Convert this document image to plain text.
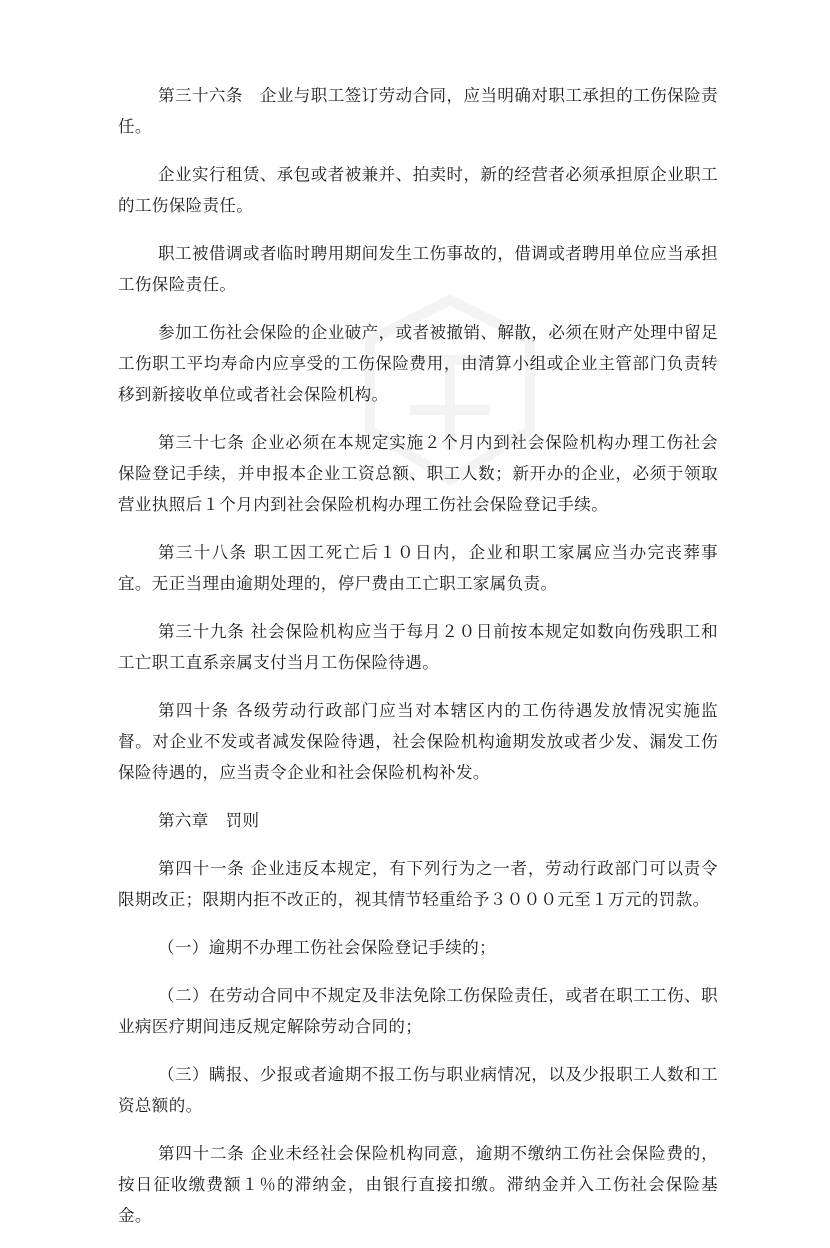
第三十六条　企业与职工签订劳动合同，应当明确对职工承担的工伤保险责任。

企业实行租赁、承包或者被兼并、拍卖时，新的经营者必须承担原企业职工的工伤保险责任。

职工被借调或者临时聘用期间发生工伤事故的，借调或者聘用单位应当承担工伤保险责任。

参加工伤社会保险的企业破产，或者被撤销、解散，必须在财产处理中留足工伤职工平均寿命内应享受的工伤保险费用，由清算小组或企业主管部门负责转移到新接收单位或者社会保险机构。

第三十七条 企业必须在本规定实施２个月内到社会保险机构办理工伤社会保险登记手续，并申报本企业工资总额、职工人数；新开办的企业，必须于领取营业执照后１个月内到社会保险机构办理工伤社会保险登记手续。

第三十八条 职工因工死亡后１０日内，企业和职工家属应当办完丧葬事宜。无正当理由逾期处理的，停尸费由工亡职工家属负责。

第三十九条 社会保险机构应当于每月２０日前按本规定如数向伤残职工和工亡职工直系亲属支付当月工伤保险待遇。

第四十条 各级劳动行政部门应当对本辖区内的工伤待遇发放情况实施监督。对企业不发或者减发保险待遇，社会保险机构逾期发放或者少发、漏发工伤保险待遇的，应当责令企业和社会保险机构补发。

第六章　罚则

第四十一条 企业违反本规定，有下列行为之一者，劳动行政部门可以责令限期改正；限期内拒不改正的，视其情节轻重给予３０００元至１万元的罚款。

（一）逾期不办理工伤社会保险登记手续的；

（二）在劳动合同中不规定及非法免除工伤保险责任，或者在职工工伤、职业病医疗期间违反规定解除劳动合同的；

（三）瞒报、少报或者逾期不报工伤与职业病情况，以及少报职工人数和工资总额的。

第四十二条 企业未经社会保险机构同意，逾期不缴纳工伤社会保险费的，按日征收缴费额１％的滞纳金，由银行直接扣缴。滞纳金并入工伤社会保险基金。
